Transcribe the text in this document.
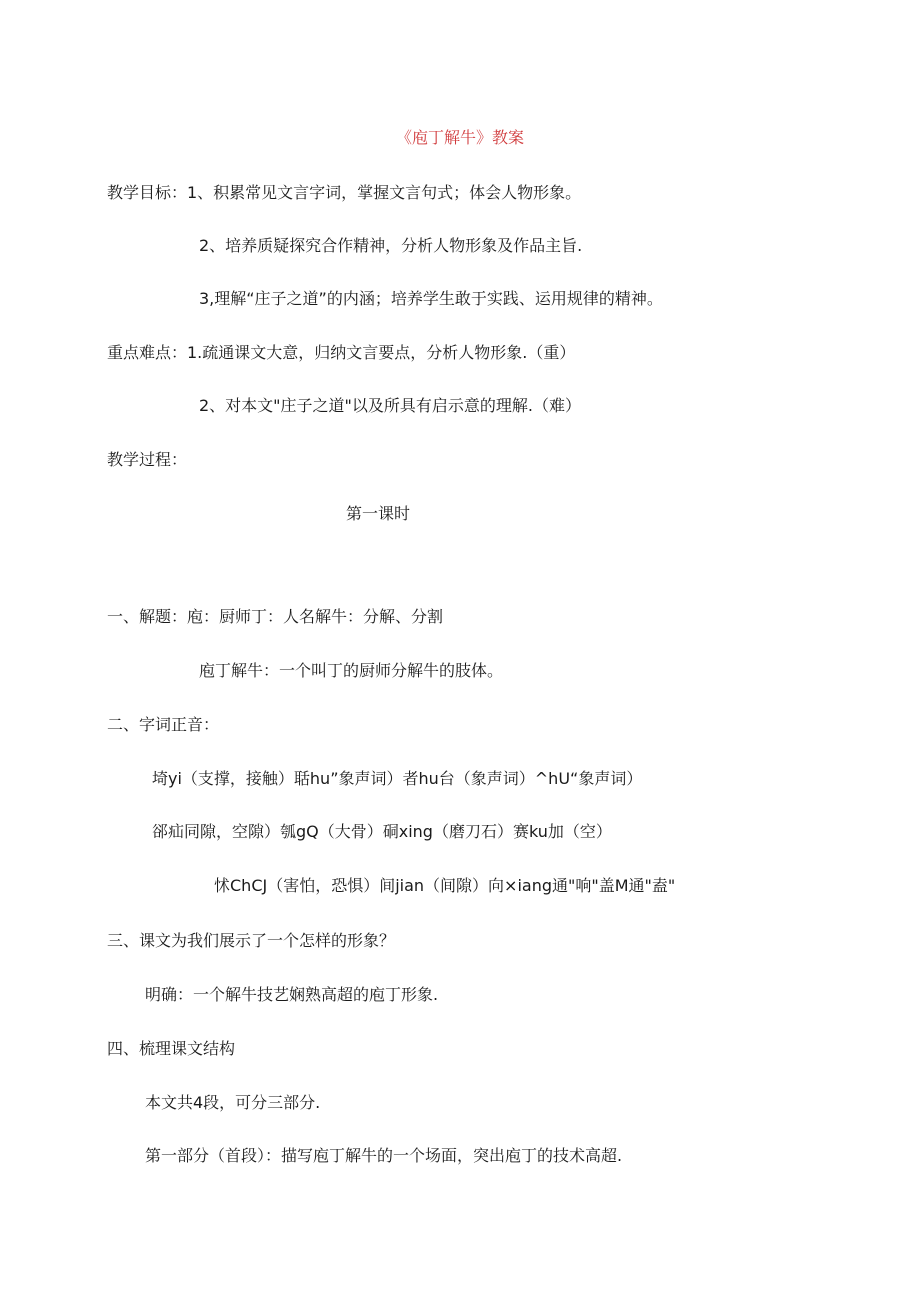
《庖丁解牛》教案
教学目标：1、积累常见文言字词，掌握文言句式；体会人物形象。
2、培养质疑探究合作精神，分析人物形象及作品主旨.
3,理解“庄子之道”的内涵；培养学生敢于实践、运用规律的精神。
重点难点：1.疏通课文大意，归纳文言要点，分析人物形象.（重）
2、对本文"庄子之道"以及所具有启示意的理解.（难）
教学过程：
第一课时
一、解题：庖：厨师丁：人名解牛：分解、分割
庖丁解牛：一个叫丁的厨师分解牛的肢体。
二、字词正音：
埼yi（支撑，接触）聒hu”象声词）者hu台（象声词）^hU“象声词）
郤疝同隙，空隙）瓠gQ（大骨）硐xing（磨刀石）赛ku加（空）
怵ChCJ（害怕，恐惧）间jian（间隙）向×iang通"响"盖M通"盍"
三、课文为我们展示了一个怎样的形象？
明确：一个解牛技艺娴熟高超的庖丁形象.
四、梳理课文结构
本文共4段，可分三部分.
第一部分（首段）：描写庖丁解牛的一个场面，突出庖丁的技术高超.
